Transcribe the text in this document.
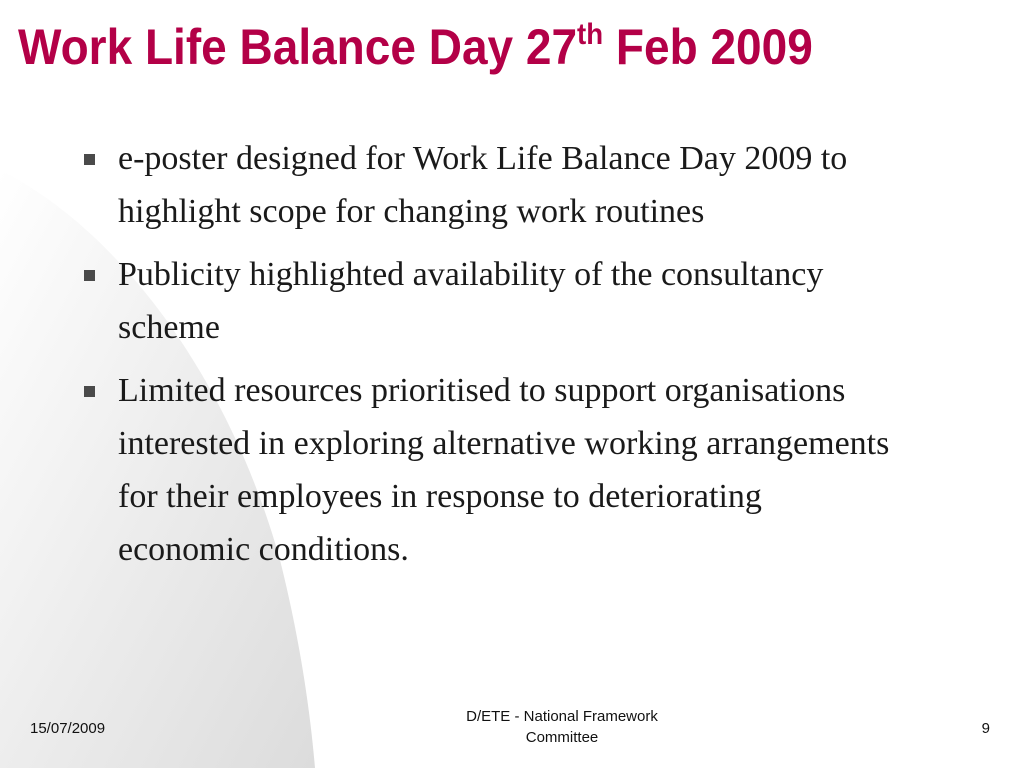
Work Life Balance Day 27th Feb 2009
e-poster designed for Work Life Balance Day 2009 to highlight scope for changing work routines
Publicity highlighted availability of the consultancy scheme
Limited resources prioritised to support organisations interested in exploring alternative working arrangements for their employees in response to deteriorating economic conditions.
15/07/2009
D/ETE - National Framework
Committee
9
